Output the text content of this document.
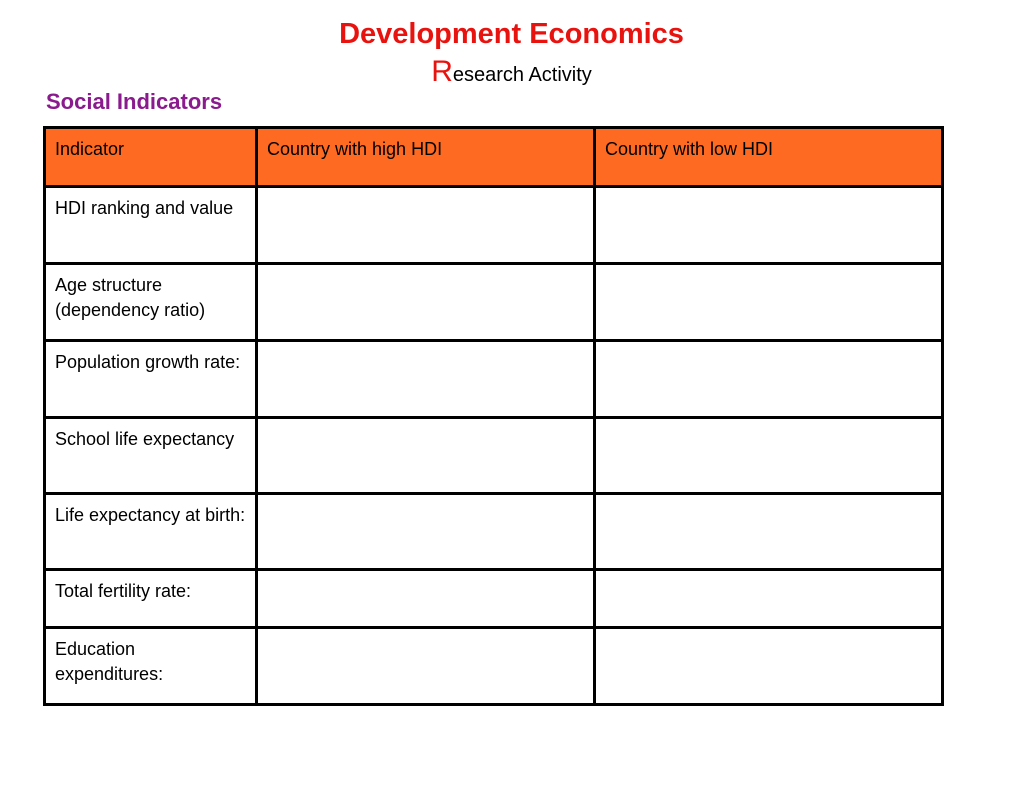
Development Economics
Research Activity
Social Indicators
Indicator	Country with high HDI	Country with low HDI
HDI ranking and value		
Age structure (dependency ratio)		
Population growth rate:		
School life expectancy		
Life expectancy at birth:		
Total fertility rate:		
Education expenditures:		
